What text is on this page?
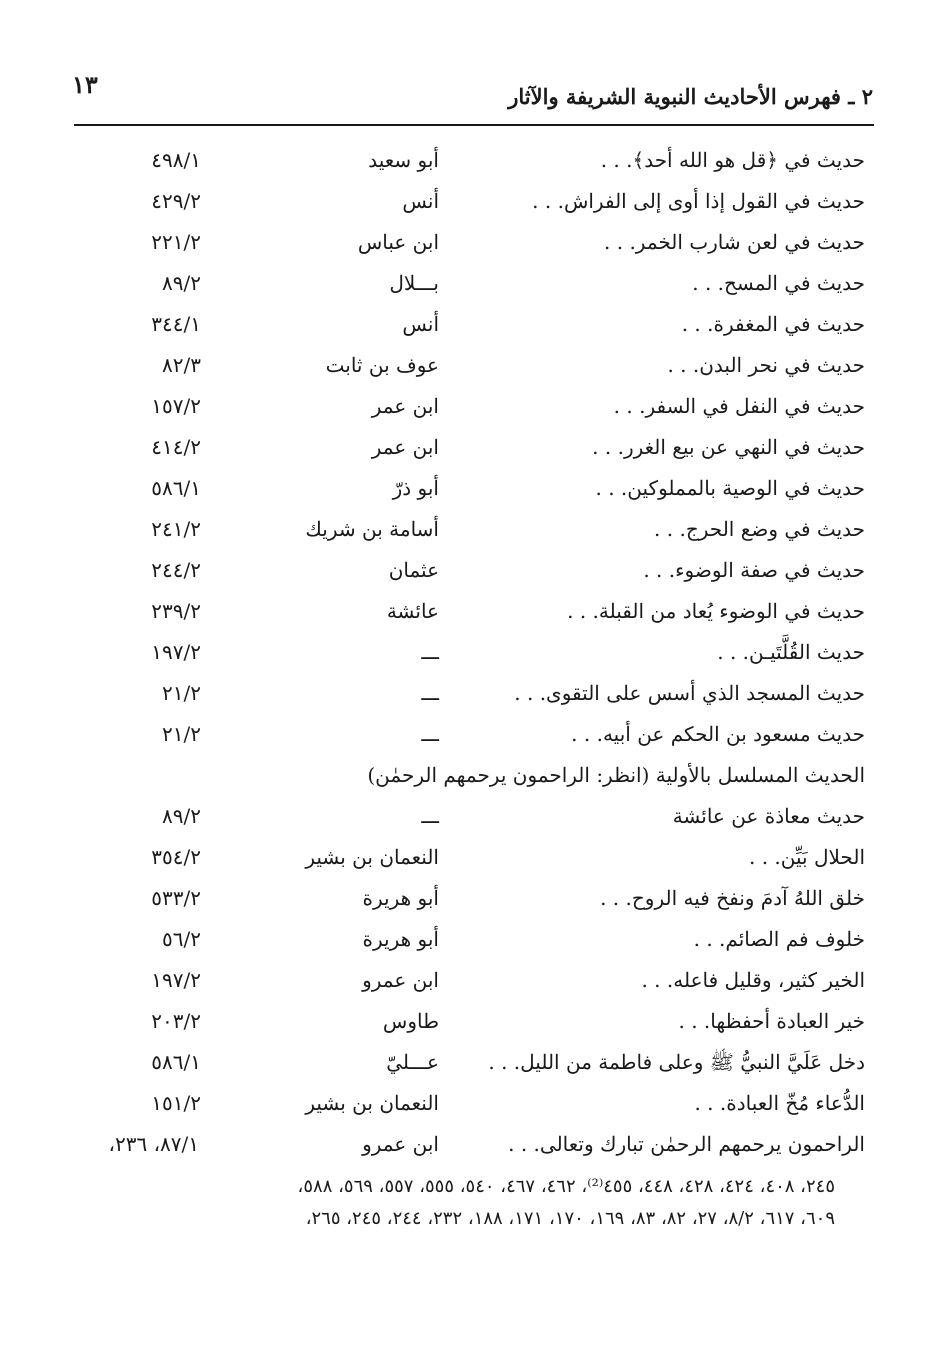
١٣	٢ ـ فهرس الأحاديث النبوية الشريفة والآثار
حديث في ﴿قل هو الله أحد﴾. . .
أبو سعيد
٤٩٨/١
حديث في القول إذا أوى إلى الفراش. . .
أنس
٤٢٩/٢
حديث في لعن شارب الخمر. . .
ابن عباس
٢٢١/٢
حديث في المسح. . .
بـــلال
٨٩/٢
حديث في المغفرة. . .
أنس
٣٤٤/١
حديث في نحر البدن. . .
عوف بن ثابت
٨٢/٣
حديث في النفل في السفر. . .
ابن عمر
١٥٧/٢
حديث في النهي عن بيع الغرر. . .
ابن عمر
٤١٤/٢
حديث في الوصية بالمملوكين. . .
أبو ذرّ
٥٨٦/١
حديث في وضع الحرج. . .
أسامة بن شريك
٢٤١/٢
حديث في صفة الوضوء. . .
عثمان
٢٤٤/٢
حديث في الوضوء يُعاد من القبلة. . .
عائشة
٢٣٩/٢
حديث القُلَّتَيـن. . .
ـــ
١٩٧/٢
حديث المسجد الذي أسس على التقوى. . .
ـــ
٢١/٢
حديث مسعود بن الحكم عن أبيه. . .
ـــ
٢١/٢
الحديث المسلسل بالأولية (انظر: الراحمون يرحمهم الرحمٰن)
حديث معاذة عن عائشة
ـــ
٨٩/٢
الحلال بَيِّن. . .
النعمان بن بشير
٣٥٤/٢
خلق اللهُ آدمَ ونفخ فيه الروح. . .
أبو هريرة
٥٣٣/٢
خلوف فم الصائم. . .
أبو هريرة
٥٦/٢
الخير كثير، وقليل فاعله. . .
ابن عمرو
١٩٧/٢
خير العبادة أحفظها. . .
طاوس
٢٠٣/٢
دخل عَلَيَّ النبيُّ ﷺ وعلى فاطمة من الليل. . .
عـــليّ
٥٨٦/١
الدُّعاء مُخّ العبادة. . .
النعمان بن بشير
١٥١/٢
الراحمون يرحمهم الرحمٰن تبارك وتعالى. . .
ابن عمرو
٨٧/١، ٢٣٦،
٢٤٥، ٤٠٨، ٤٢٤، ٤٢٨، ٤٤٨، ٤٥٥⁽²⁾، ٤٦٢، ٤٦٧، ٥٤٠، ٥٥٥، ٥٥٧، ٥٦٩، ٥٨٨،
٦٠٩، ٦١٧، ٨/٢، ٢٧، ٨٢، ٨٣، ١٦٩، ١٧٠، ١٧١، ١٨٨، ٢٣٢، ٢٤٤، ٢٤٥، ٢٦٥،
